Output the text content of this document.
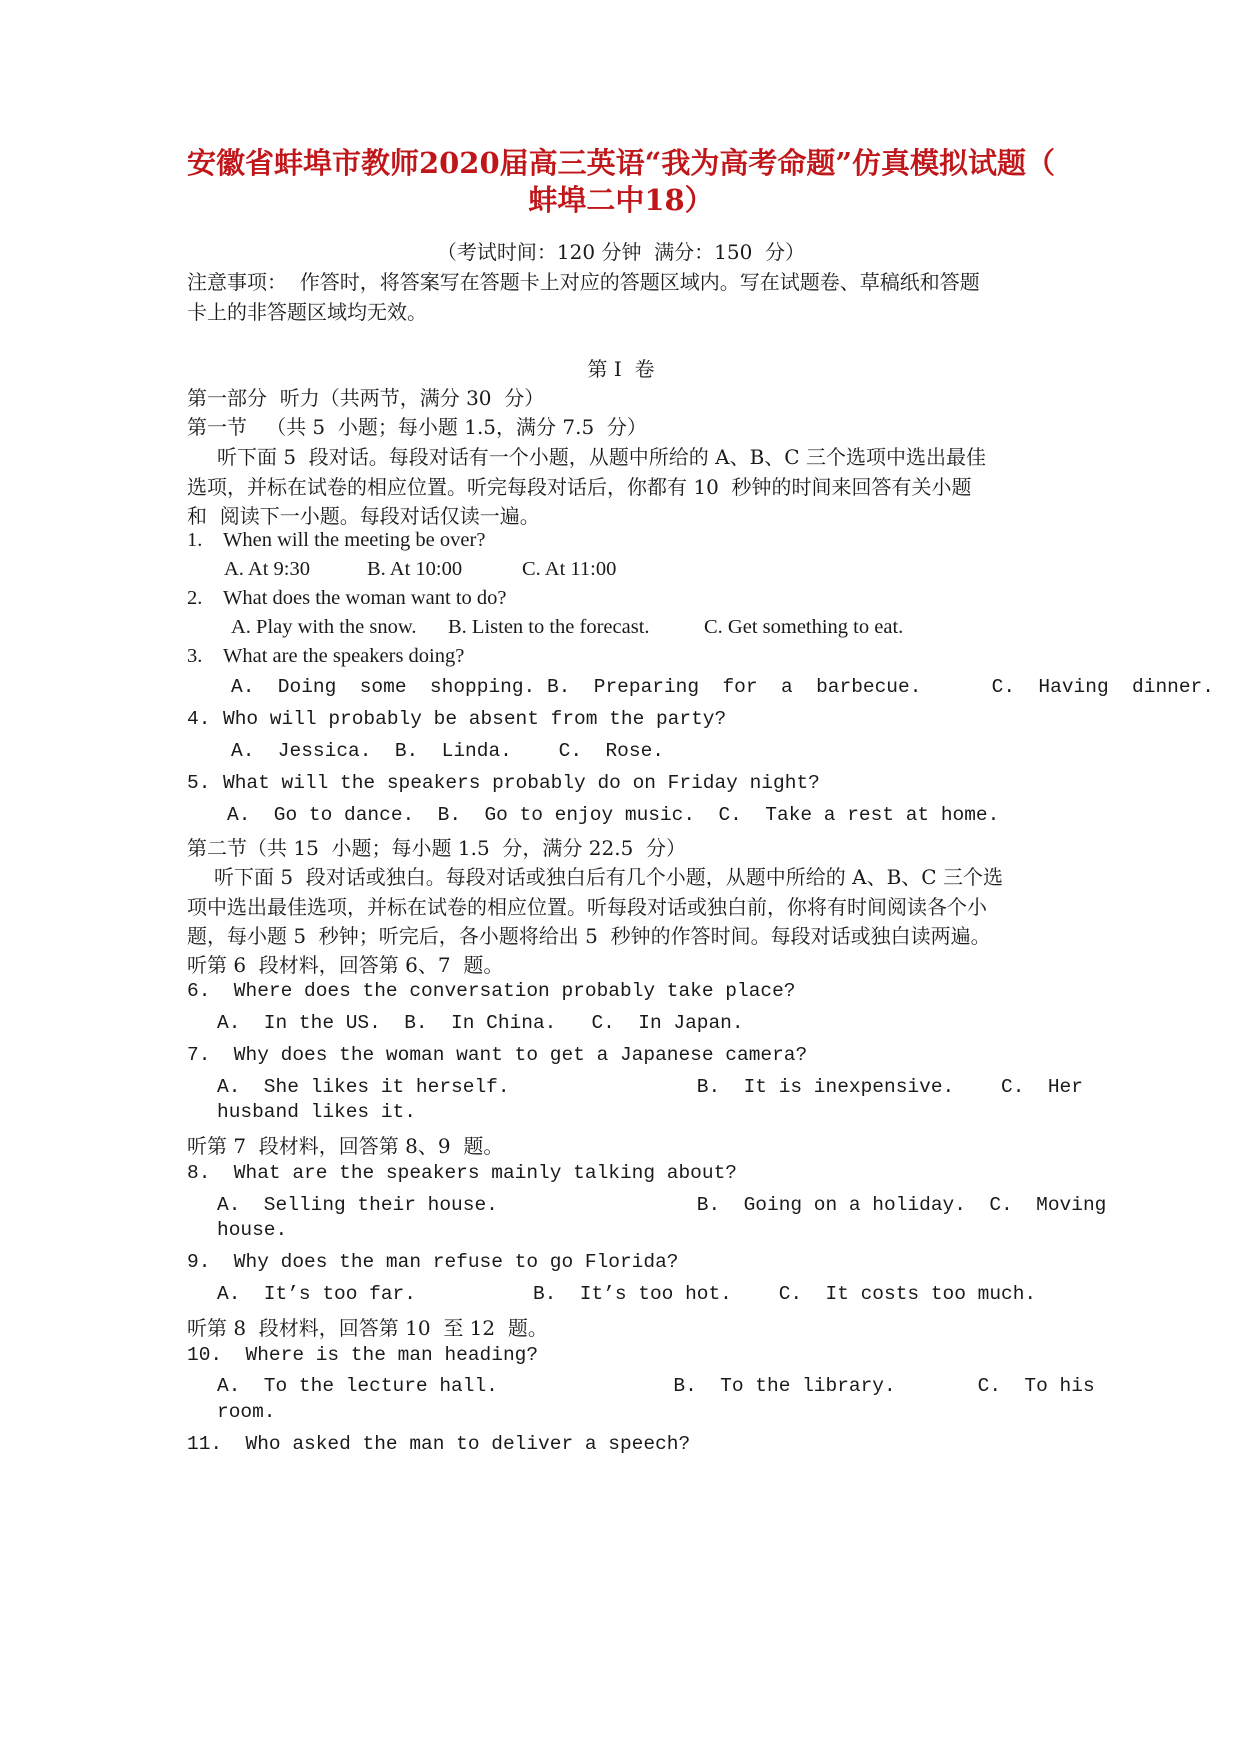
安徽省蚌埠市教师2020届高三英语“我为高考命题”仿真模拟试题（
蚌埠二中18）
（考试时间：120 分钟  满分：150  分）
注意事项：  作答时，将答案写在答题卡上对应的答题区域内。写在试题卷、草稿纸和答题
卡上的非答题区域均无效。
第 I  卷
第一部分  听力（共两节，满分 30  分）
第一节   （共 5  小题；每小题 1.5，满分 7.5  分）
听下面 5  段对话。每段对话有一个小题，从题中所给的 A、B、C 三个选项中选出最佳
选项，并标在试卷的相应位置。听完每段对话后，你都有 10  秒钟的时间来回答有关小题
和  阅读下一小题。每段对话仅读一遍。
1. When will the meeting be over?
A. At 9:30	B. At 10:00	C. At 11:00
2. What does the woman want to do?
A. Play with the snow. B. Listen to the forecast.	C. Get something to eat.
3. What are the speakers doing?
A.  Doing  some  shopping. B.  Preparing  for  a  barbecue.      C.  Having  dinner.
4. Who will probably be absent from the party?
A.  Jessica.  B.  Linda.    C.  Rose.
5. What will the speakers probably do on Friday night?
A.  Go to dance.  B.  Go to enjoy music.  C.  Take a rest at home.
第二节（共 15  小题；每小题 1.5  分，满分 22.5  分）
听下面 5  段对话或独白。每段对话或独白后有几个小题，从题中所给的 A、B、C 三个选
项中选出最佳选项，并标在试卷的相应位置。听每段对话或独白前，你将有时间阅读各个小
题，每小题 5  秒钟；听完后，各小题将给出 5  秒钟的作答时间。每段对话或独白读两遍。
听第 6  段材料，回答第 6、7  题。
6.  Where does the conversation probably take place?
A.  In the US.  B.  In China.   C.  In Japan.
7.  Why does the woman want to get a Japanese camera?
A.  She likes it herself.                B.  It is inexpensive.    C.  Her
husband likes it.
听第 7  段材料，回答第 8、9  题。
8.  What are the speakers mainly talking about?
A.  Selling their house.                 B.  Going on a holiday.  C.  Moving
house.
9.  Why does the man refuse to go Florida?
A.  It’s too far.          B.  It’s too hot.    C.  It costs too much.
听第 8  段材料，回答第 10  至 12  题。
10.  Where is the man heading?
A.  To the lecture hall.               B.  To the library.       C.  To his
room.
11.  Who asked the man to deliver a speech?
